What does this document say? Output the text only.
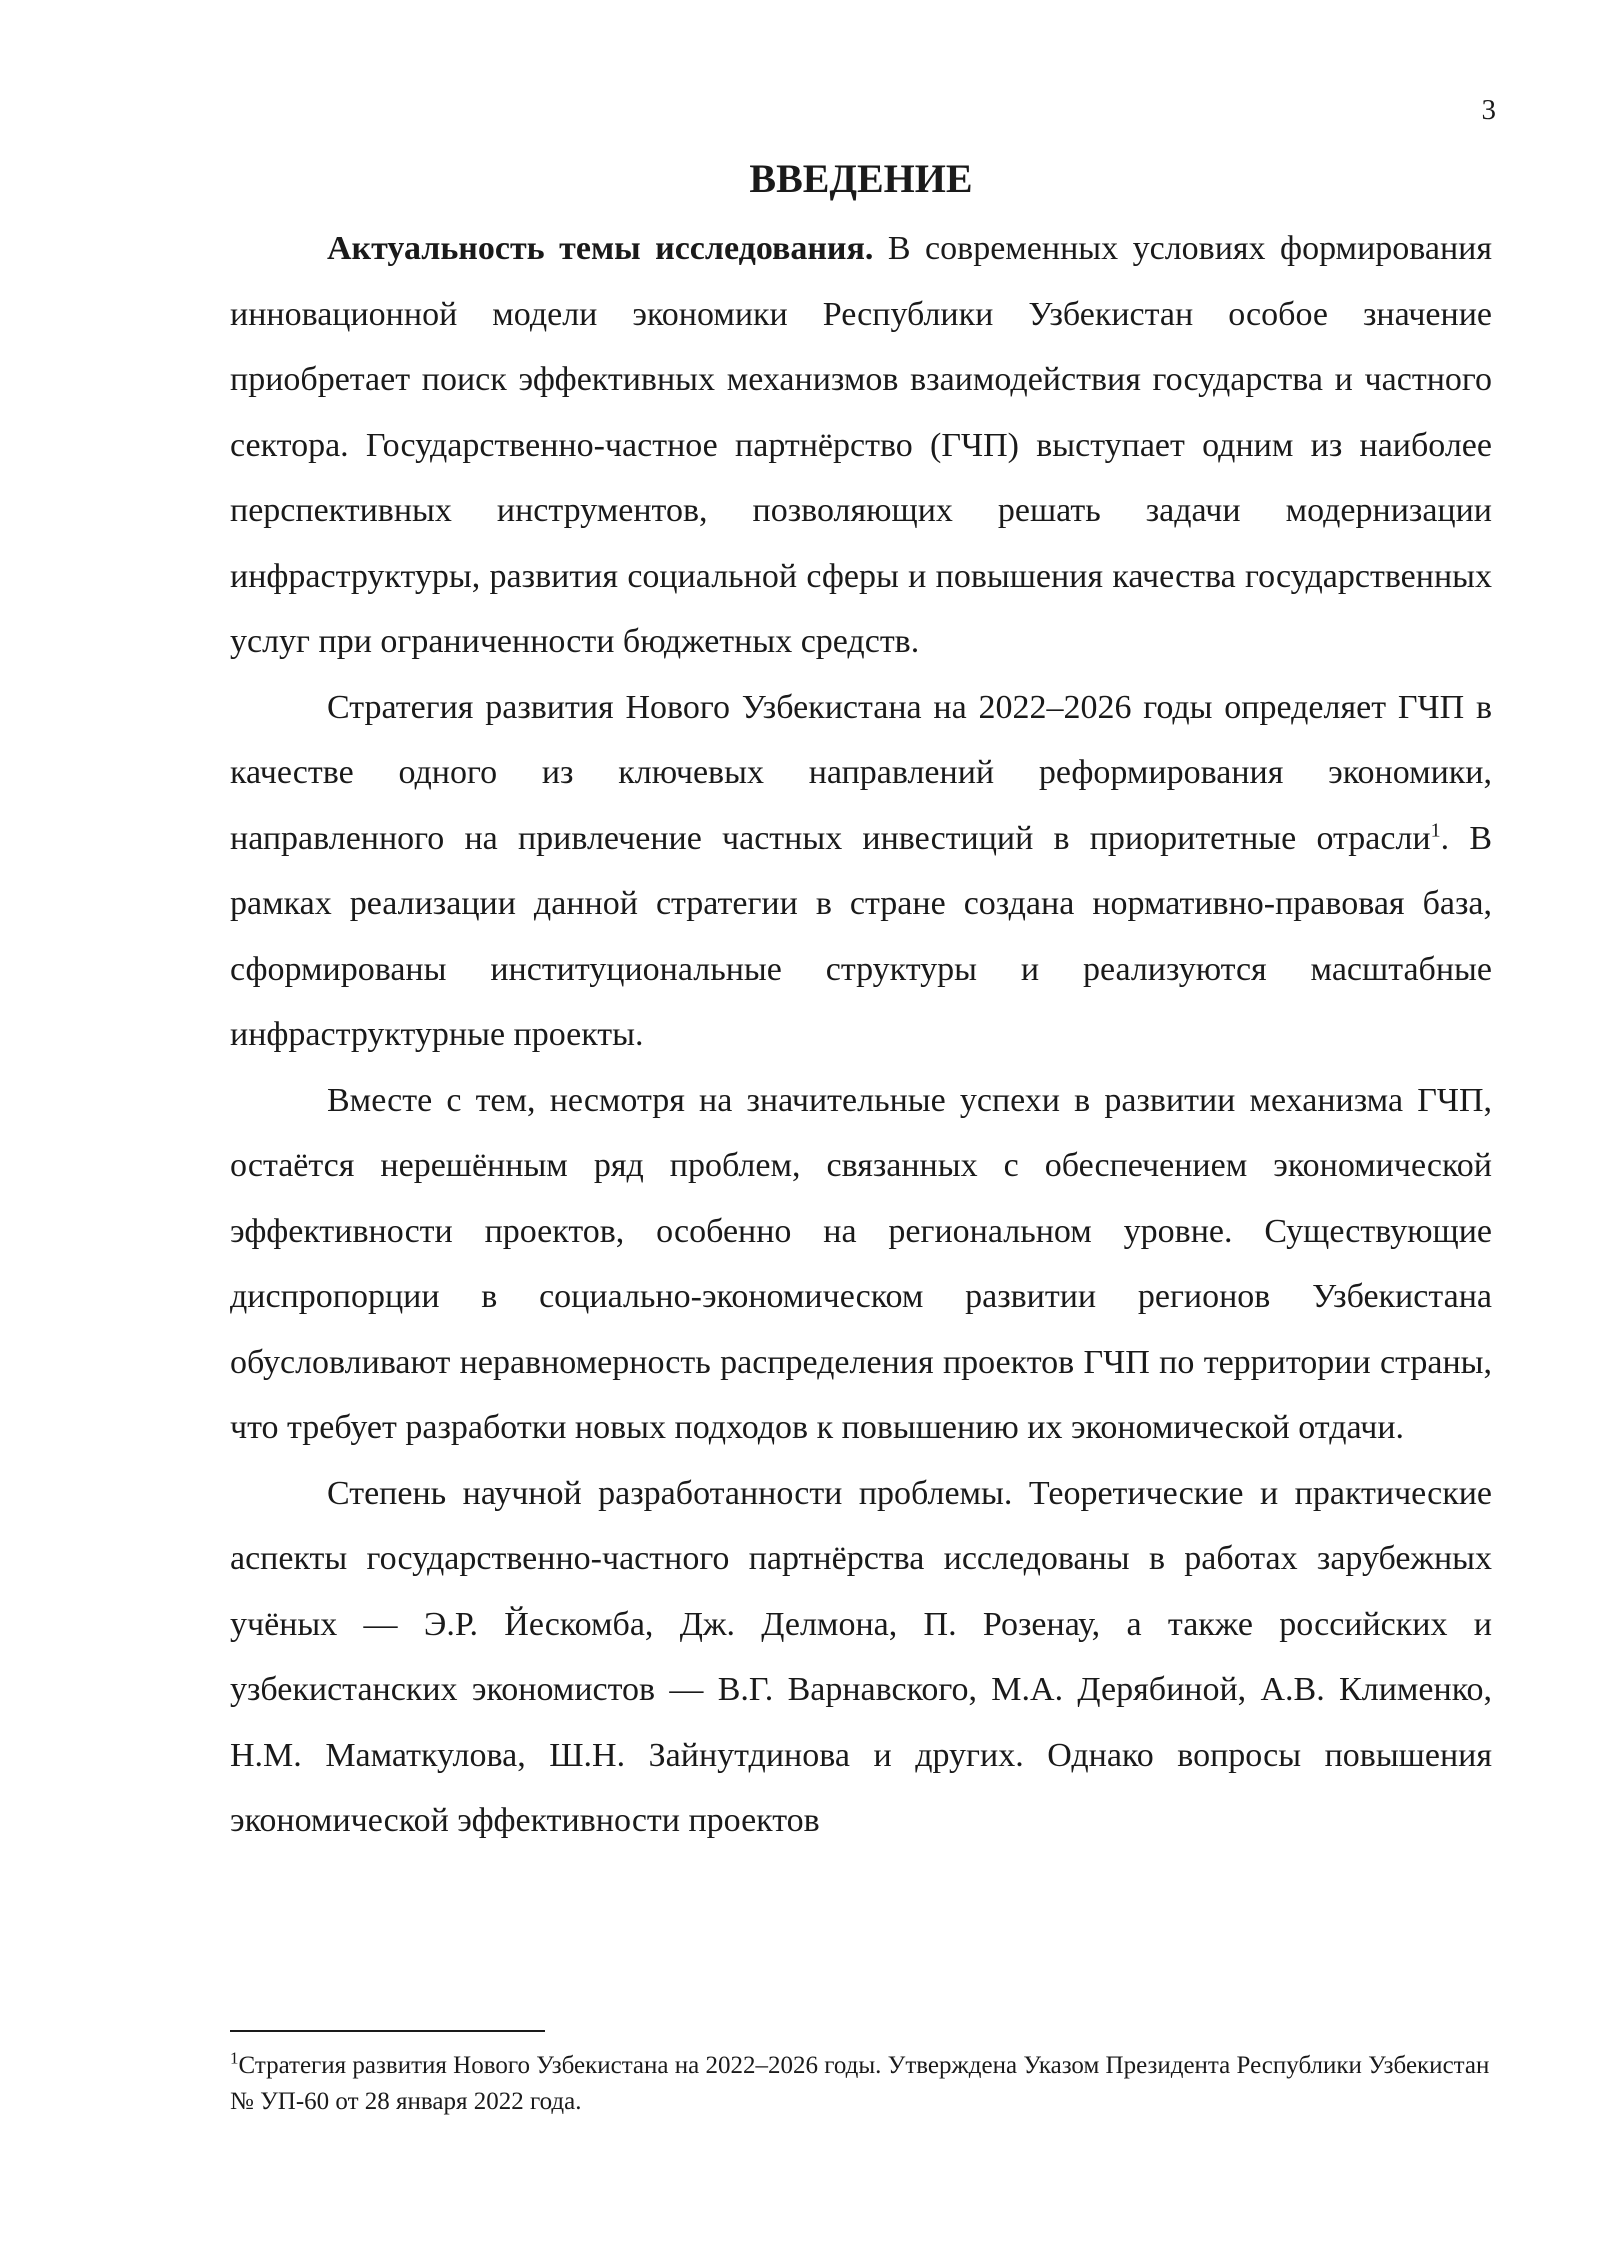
3
ВВЕДЕНИЕ

Актуальность темы исследования. В современных условиях формирования инновационной модели экономики Республики Узбекистан особое значение приобретает поиск эффективных механизмов взаимодействия государства и частного сектора. Государственно-частное партнёрство (ГЧП) выступает одним из наиболее перспективных инструментов, позволяющих решать задачи модернизации инфраструктуры, развития социальной сферы и повышения качества государственных услуг при ограниченности бюджетных средств.

Стратегия развития Нового Узбекистана на 2022–2026 годы определяет ГЧП в качестве одного из ключевых направлений реформирования экономики, направленного на привлечение частных инвестиций в приоритетные отрасли$^1$. В рамках реализации данной стратегии в стране создана нормативно-правовая база, сформированы институциональные структуры и реализуются масштабные инфраструктурные проекты.

Вместе с тем, несмотря на значительные успехи в развитии механизма ГЧП, остаётся нерешённым ряд проблем, связанных с обеспечением экономической эффективности проектов, особенно на региональном уровне. Существующие диспропорции в социально-экономическом развитии регионов Узбекистана обусловливают неравномерность распределения проектов ГЧП по территории страны, что требует разработки новых подходов к повышению их экономической отдачи.

Степень научной разработанности проблемы. Теоретические и практические аспекты государственно-частного партнёрства исследованы в работах зарубежных учёных — Э.Р. Йескомба, Дж. Делмона, П. Розенау, а также российских и узбекистанских экономистов — В.Г. Варнавского, М.А. Дерябиной, А.В. Клименко, Н.М. Маматкулова, Ш.Н. Зайнутдинова и других. Однако вопросы повышения экономической эффективности проектов

$^1$Стратегия развития Нового Узбекистана на 2022–2026 годы. Утверждена Указом Президента Республики Узбекистан № УП-60 от 28 января 2022 года.
